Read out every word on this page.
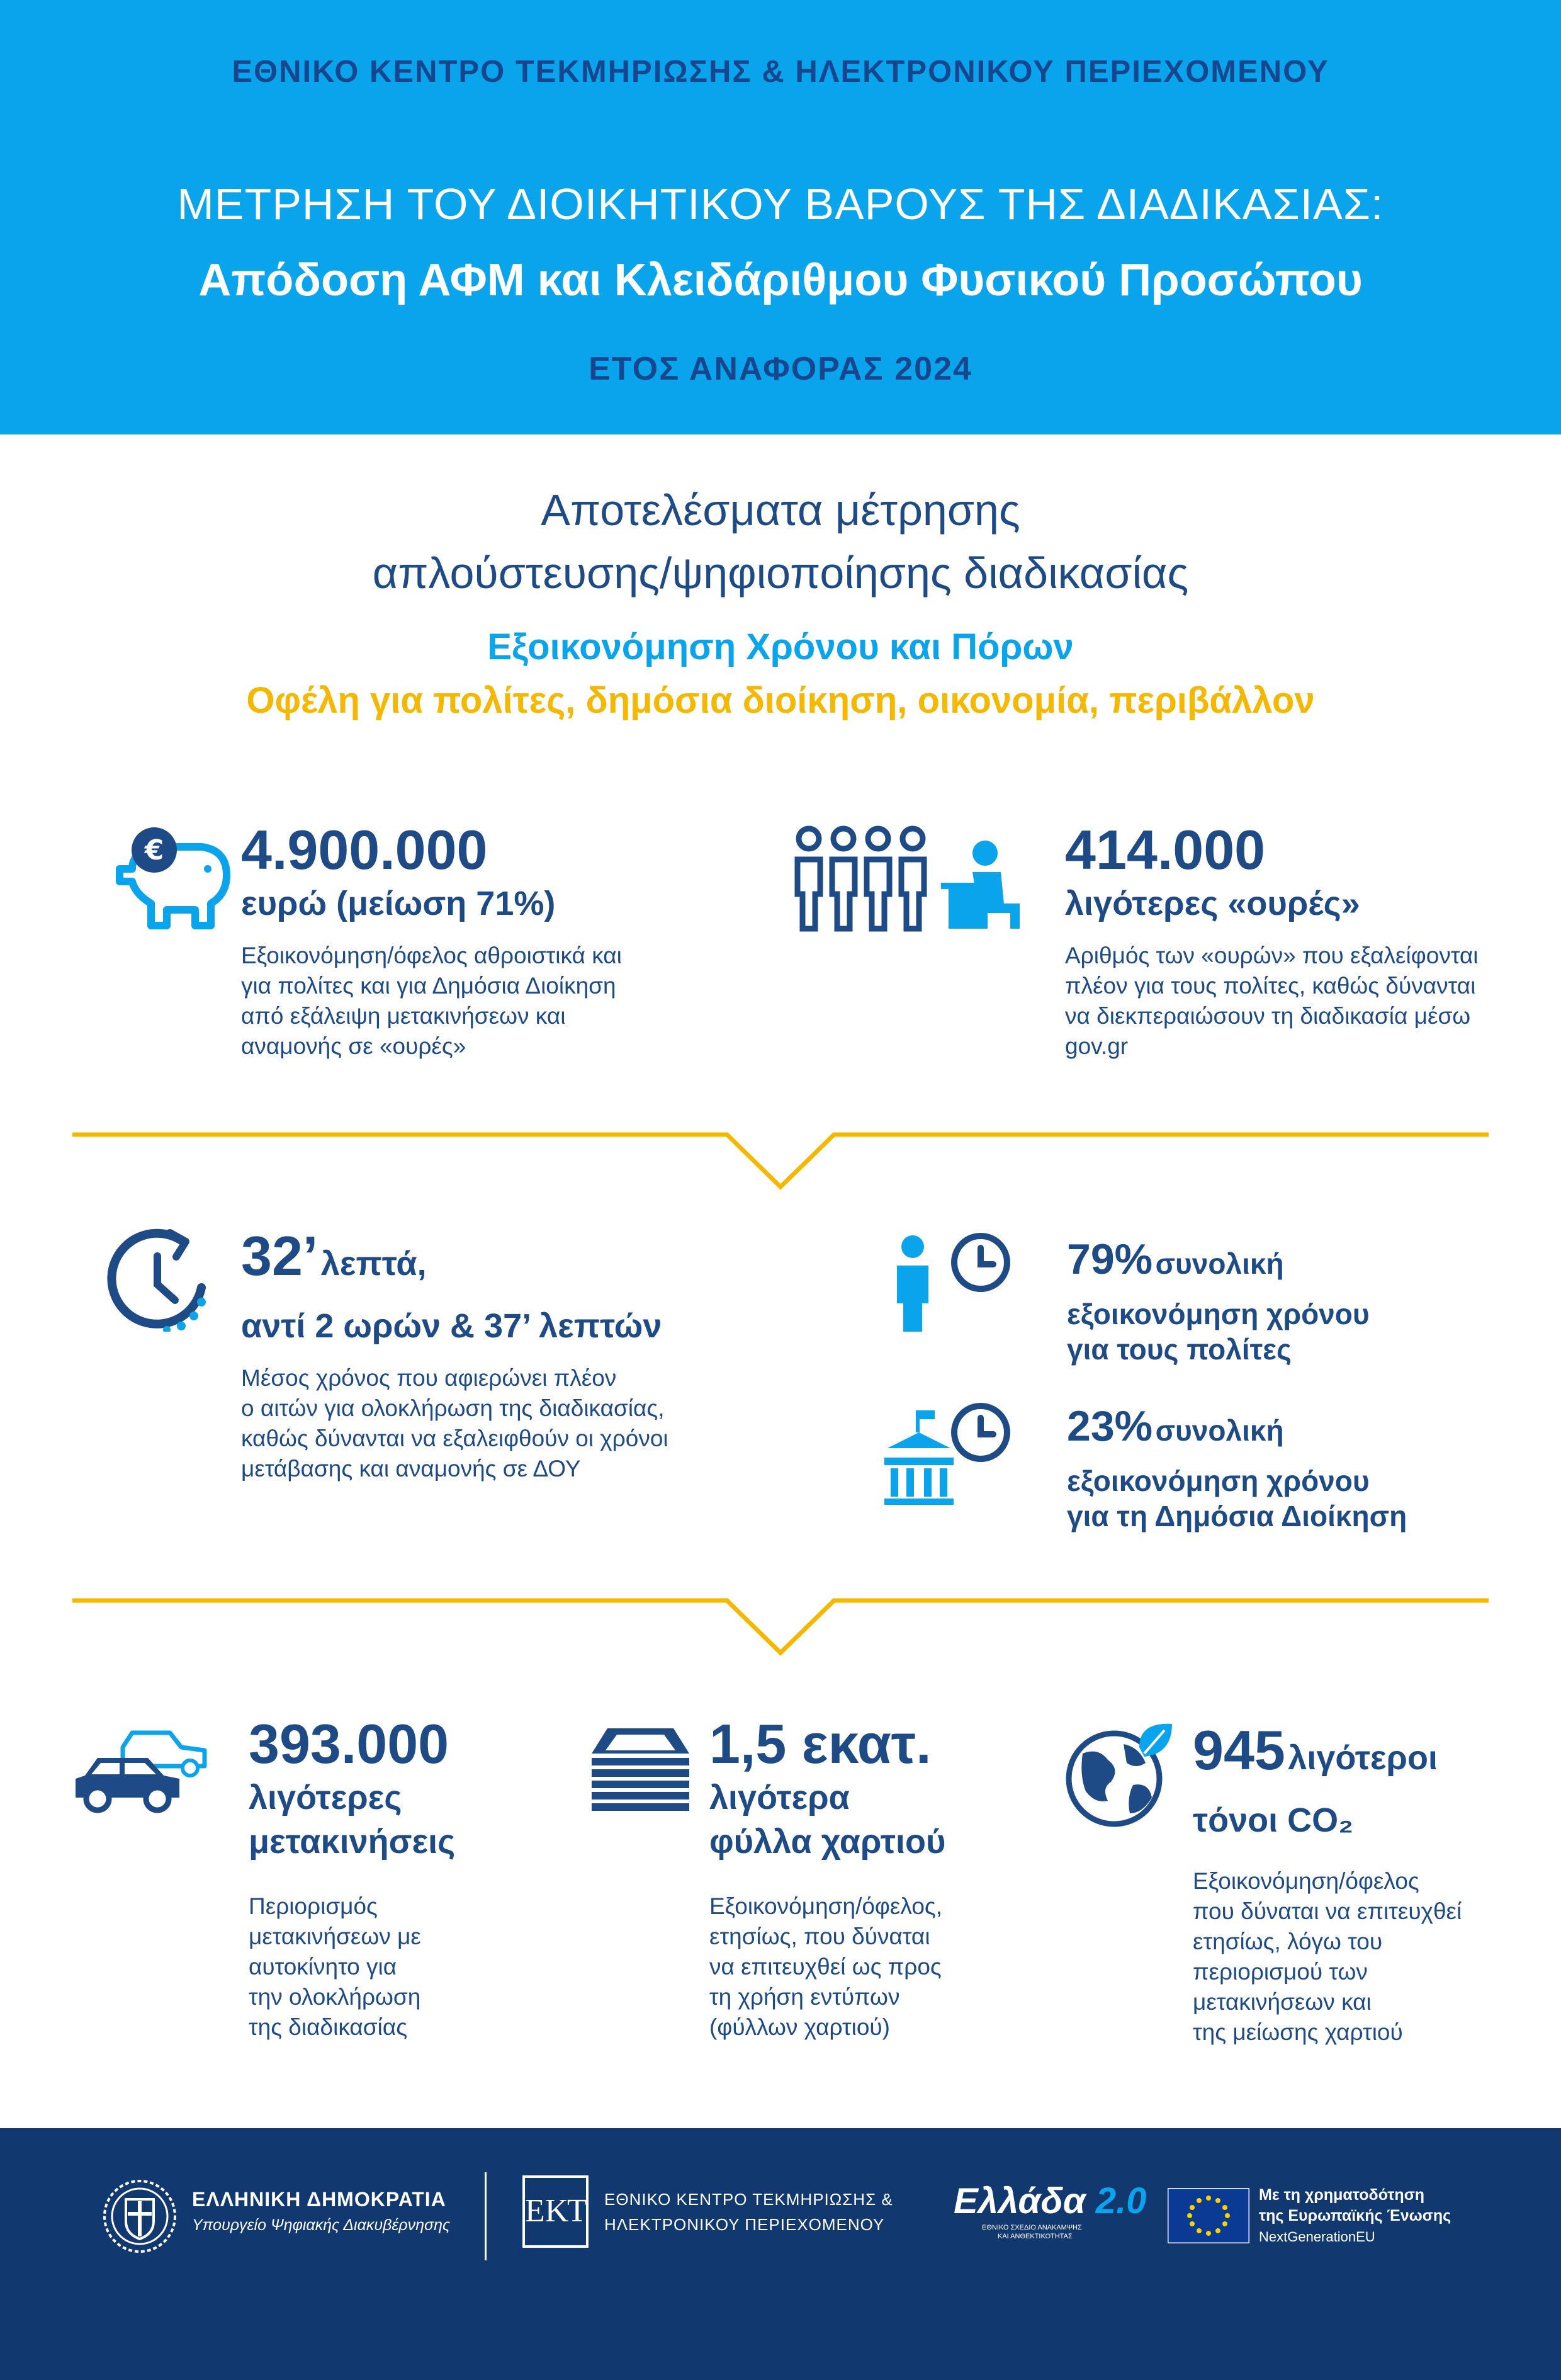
ΕΘΝΙΚΟ ΚΕΝΤΡΟ ΤΕΚΜΗΡΙΩΣΗΣ & ΗΛΕΚΤΡΟΝΙΚΟΥ ΠΕΡΙΕΧΟΜΕΝΟΥ
ΜΕΤΡΗΣΗ ΤΟΥ ΔΙΟΙΚΗΤΙΚΟΥ ΒΑΡΟΥΣ ΤΗΣ ΔΙΑΔΙΚΑΣΙΑΣ:
Απόδοση ΑΦΜ και Κλειδάριθμου Φυσικού Προσώπου
ΕΤΟΣ ΑΝΑΦΟΡΑΣ 2024
Αποτελέσματα μέτρησης
απλούστευσης/ψηφιοποίησης διαδικασίας
Εξοικονόμηση Χρόνου και Πόρων
Οφέλη για πολίτες, δημόσια διοίκηση, οικονομία, περιβάλλον
€ 4.900.000
ευρώ (μείωση 71%)
Εξοικονόμηση/όφελος αθροιστικά και
για πολίτες και για Δημόσια Διοίκηση
από εξάλειψη μετακινήσεων και
αναμονής σε «ουρές»
414.000
λιγότερες «ουρές»
Αριθμός των «ουρών» που εξαλείφονται
πλέον για τους πολίτες, καθώς δύνανται
να διεκπεραιώσουν τη διαδικασία μέσω
gov.gr
32’ λεπτά,
αντί 2 ωρών & 37’ λεπτών
Μέσος χρόνος που αφιερώνει πλέον
ο αιτών για ολοκλήρωση της διαδικασίας,
καθώς δύνανται να εξαλειφθούν οι χρόνοι
μετάβασης και αναμονής σε ΔΟΥ
79% συνολική
εξοικονόμηση χρόνου
για τους πολίτες
23% συνολική
εξοικονόμηση χρόνου
για τη Δημόσια Διοίκηση
393.000
λιγότερες
μετακινήσεις
Περιορισμός
μετακινήσεων με
αυτοκίνητο για
την ολοκλήρωση
της διαδικασίας
1,5 εκατ.
λιγότερα
φύλλα χαρτιού
Εξοικονόμηση/όφελος,
ετησίως, που δύναται
να επιτευχθεί ως προς
τη χρήση εντύπων
(φύλλων χαρτιού)
945 λιγότεροι
τόνοι CO₂
Εξοικονόμηση/όφελος
που δύναται να επιτευχθεί
ετησίως, λόγω του
περιορισμού των
μετακινήσεων και
της μείωσης χαρτιού
ΕΛΛΗΝΙΚΗ ΔΗΜΟΚΡΑΤΙΑ
Υπουργείο Ψηφιακής Διακυβέρνησης ΕΚΤ ΕΘΝΙΚΟ ΚΕΝΤΡΟ ΤΕΚΜΗΡΙΩΣΗΣ &
ΗΛΕΚΤΡΟΝΙΚΟΥ ΠΕΡΙΕΧΟΜΕΝΟΥ
Ελλάδα 2.0
ΕΘΝΙΚΟ ΣΧΕΔΙΟ ΑΝΑΚΑΜΨΗΣ
ΚΑΙ ΑΝΘΕΚΤΙΚΟΤΗΤΑΣ
Με τη χρηματοδότηση
της Ευρωπαϊκής Ένωσης
NextGenerationEU
